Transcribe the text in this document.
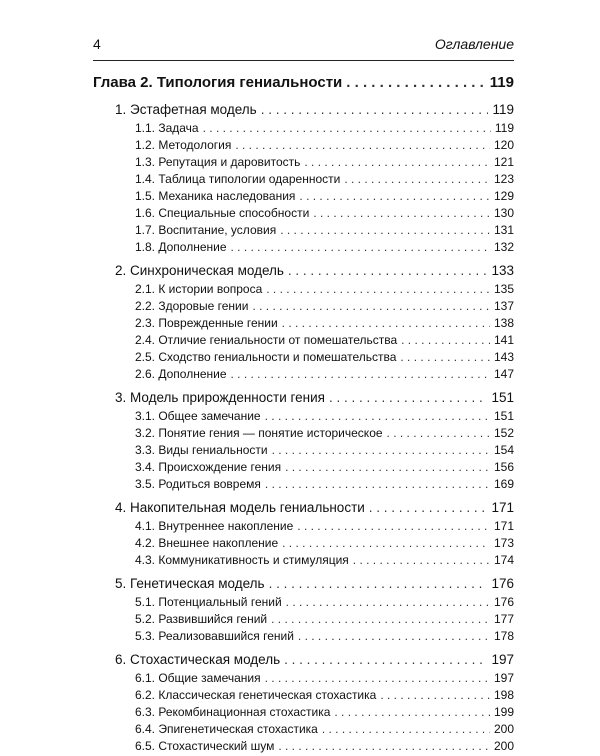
4	Оглавление
Глава 2. Типология гениальности . . .	119
1. Эстафетная модель . . .	119
1.1. Задача . . .	119
1.2. Методология . . .	120
1.3. Репутация и даровитость . . .	121
1.4. Таблица типологии одаренности . . .	123
1.5. Механика наследования . . .	129
1.6. Специальные способности . . .	130
1.7. Воспитание, условия . . .	131
1.8. Дополнение . . .	132
2. Синхроническая модель . . .	133
2.1. К истории вопроса . . .	135
2.2. Здоровые гении . . .	137
2.3. Поврежденные гении . . .	138
2.4. Отличие гениальности от помешательства . . .	141
2.5. Сходство гениальности и помешательства . . .	143
2.6. Дополнение . . .	147
3. Модель прирожденности гения . . .	151
3.1. Общее замечание . . .	151
3.2. Понятие гения — понятие историческое . . .	152
3.3. Виды гениальности . . .	154
3.4. Происхождение гения . . .	156
3.5. Родиться вовремя . . .	169
4. Накопительная модель гениальности . . .	171
4.1. Внутреннее накопление . . .	171
4.2. Внешнее накопление . . .	173
4.3. Коммуникативность и стимуляция . . .	174
5. Генетическая модель . . .	176
5.1. Потенциальный гений . . .	176
5.2. Развившийся гений . . .	177
5.3. Реализовавшийся гений . . .	178
6. Стохастическая модель . . .	197
6.1. Общие замечания . . .	197
6.2. Классическая генетическая стохастика . . .	198
6.3. Рекомбинационная стохастика . . .	199
6.4. Эпигенетическая стохастика . . .	200
6.5. Стохастический шум . . .	200
